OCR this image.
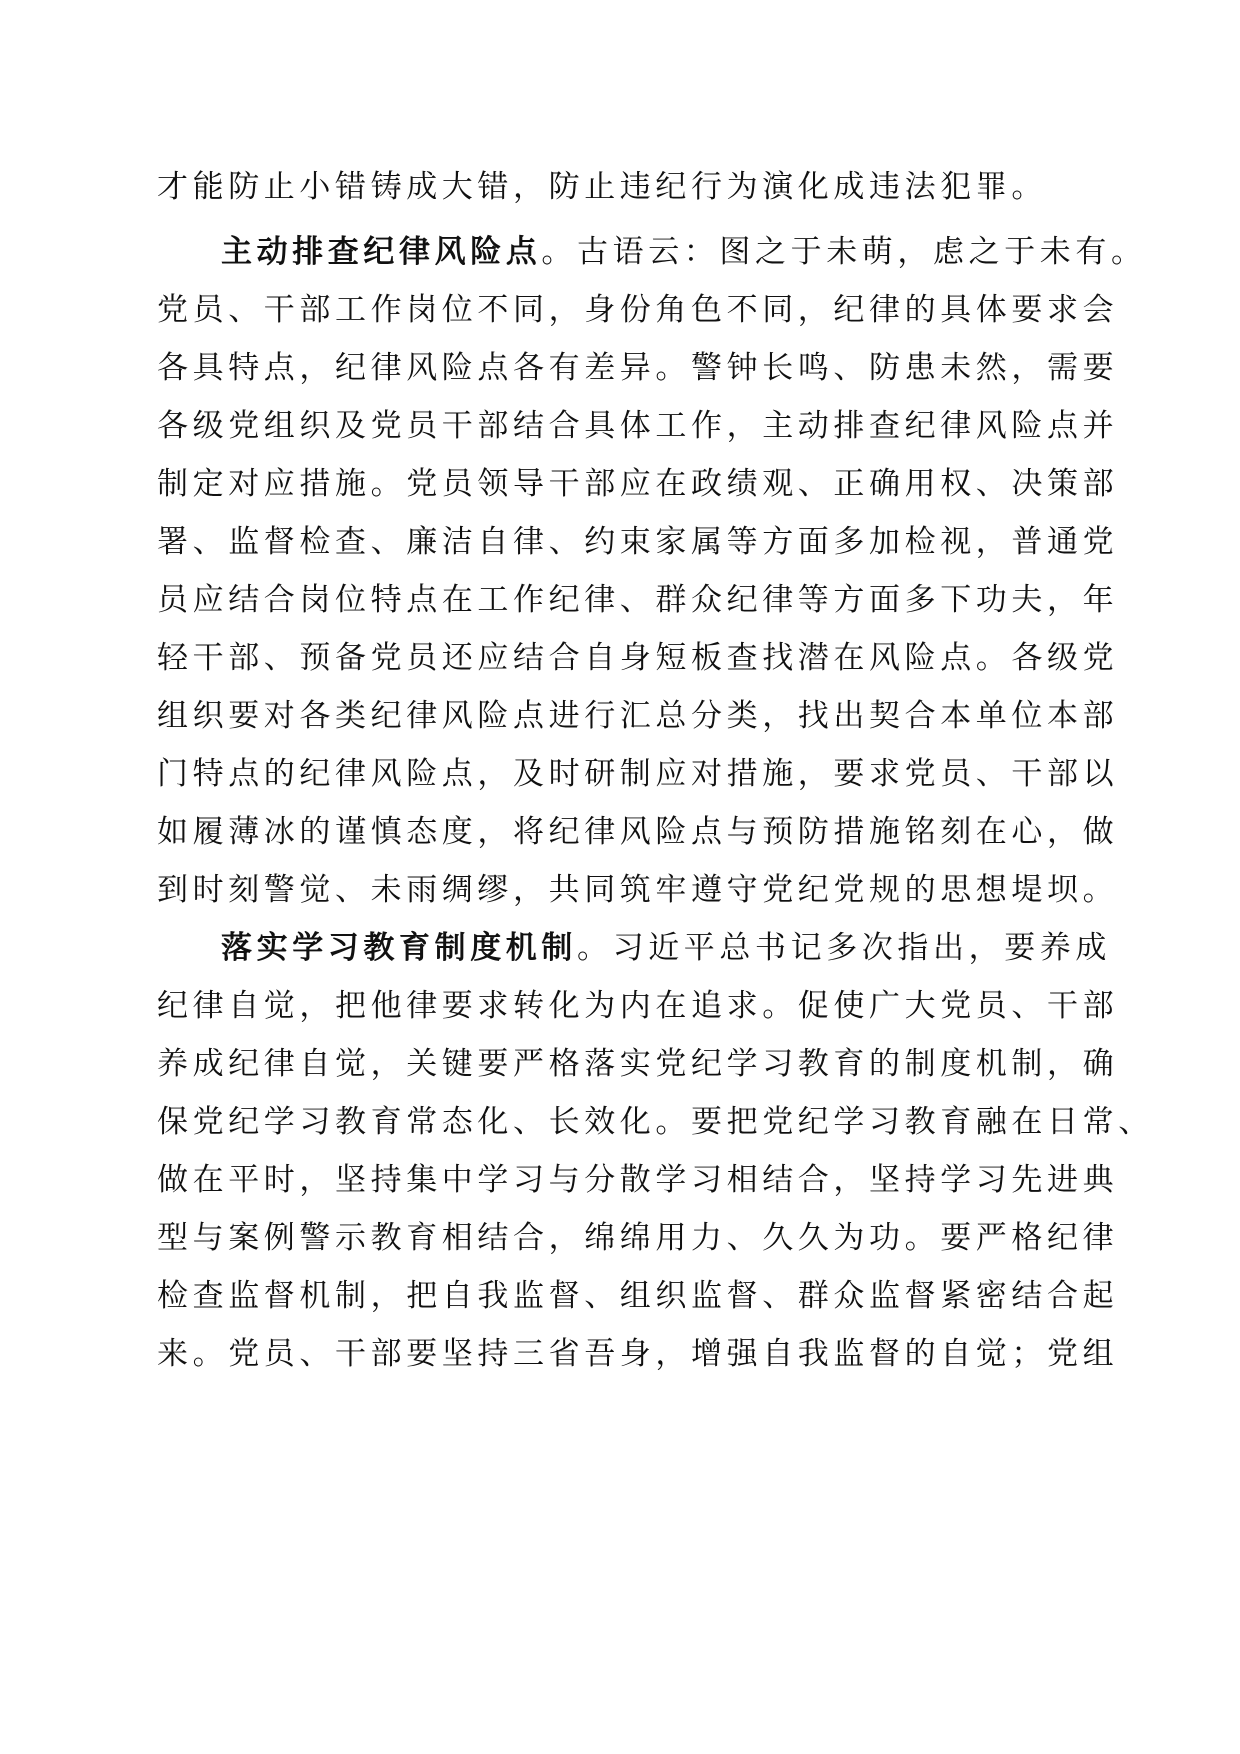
才能防止小错铸成大错，防止违纪行为演化成违法犯罪。
主动排查纪律风险点。古语云：图之于未萌，虑之于未有。
党员、干部工作岗位不同，身份角色不同，纪律的具体要求会
各具特点，纪律风险点各有差异。警钟长鸣、防患未然，需要
各级党组织及党员干部结合具体工作，主动排查纪律风险点并
制定对应措施。党员领导干部应在政绩观、正确用权、决策部
署、监督检查、廉洁自律、约束家属等方面多加检视，普通党
员应结合岗位特点在工作纪律、群众纪律等方面多下功夫，年
轻干部、预备党员还应结合自身短板查找潜在风险点。各级党
组织要对各类纪律风险点进行汇总分类，找出契合本单位本部
门特点的纪律风险点，及时研制应对措施，要求党员、干部以
如履薄冰的谨慎态度，将纪律风险点与预防措施铭刻在心，做
到时刻警觉、未雨绸缪，共同筑牢遵守党纪党规的思想堤坝。
落实学习教育制度机制。习近平总书记多次指出，要养成
纪律自觉，把他律要求转化为内在追求。促使广大党员、干部
养成纪律自觉，关键要严格落实党纪学习教育的制度机制，确
保党纪学习教育常态化、长效化。要把党纪学习教育融在日常、
做在平时，坚持集中学习与分散学习相结合，坚持学习先进典
型与案例警示教育相结合，绵绵用力、久久为功。要严格纪律
检查监督机制，把自我监督、组织监督、群众监督紧密结合起
来。党员、干部要坚持三省吾身，增强自我监督的自觉；党组
